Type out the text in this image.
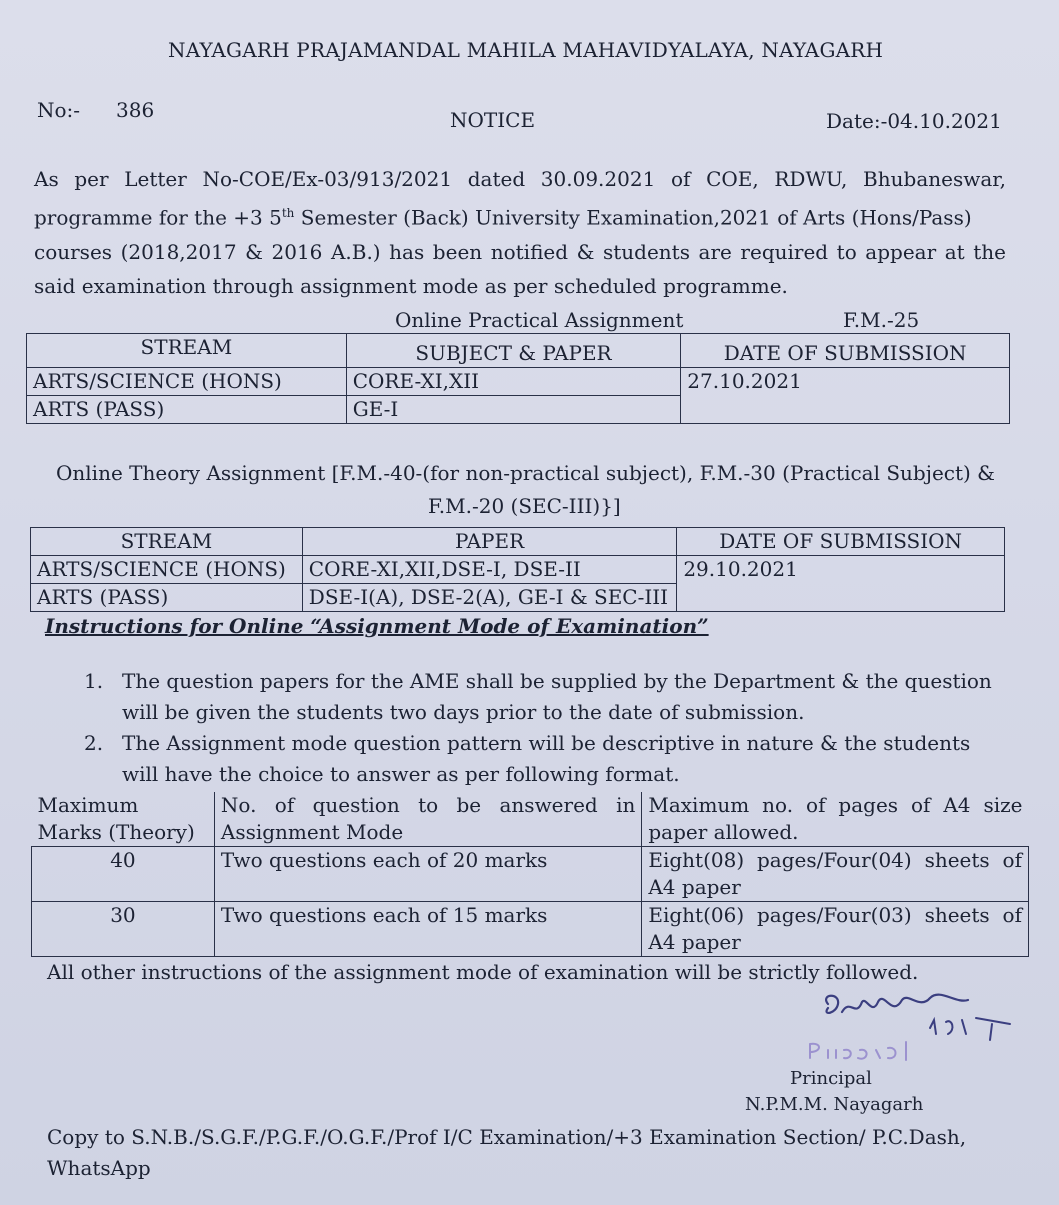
NAYAGARH PRAJAMANDAL MAHILA MAHAVIDYALAYA, NAYAGARH
No:- 386	NOTICE	Date:-04.10.2021
As per Letter No-COE/Ex-03/913/2021 dated 30.09.2021 of COE, RDWU, Bhubaneswar,
programme for the +3 5th Semester (Back) University Examination,2021 of Arts (Hons/Pass)
courses (2018,2017 & 2016 A.B.) has been notified & students are required to appear at the
said examination through assignment mode as per scheduled programme.
Online Practical Assignment	F.M.-25
STREAM	SUBJECT & PAPER	DATE OF SUBMISSION
ARTS/SCIENCE (HONS)	CORE-XI,XII	27.10.2021
ARTS (PASS)	GE-I	
Online Theory Assignment [F.M.-40-(for non-practical subject), F.M.-30 (Practical Subject) &
F.M.-20 (SEC-III)}]
STREAM	PAPER	DATE OF SUBMISSION
ARTS/SCIENCE (HONS)	CORE-XI,XII,DSE-I, DSE-II	29.10.2021
ARTS (PASS)	DSE-I(A), DSE-2(A), GE-I & SEC-III	
Instructions for Online “Assignment Mode of Examination”
1. The question papers for the AME shall be supplied by the Department & the question will be given the students two days prior to the date of submission.
2. The Assignment mode question pattern will be descriptive in nature & the students will have the choice to answer as per following format.
Maximum Marks (Theory)	No. of question to be answered in Assignment Mode	Maximum no. of pages of A4 size paper allowed.
40	Two questions each of 20 marks	Eight(08) pages/Four(04) sheets of A4 paper
30	Two questions each of 15 marks	Eight(06) pages/Four(03) sheets of A4 paper
All other instructions of the assignment mode of examination will be strictly followed.
Principal
N.P.M.M. Nayagarh
Copy to S.N.B./S.G.F./P.G.F./O.G.F./Prof I/C Examination/+3 Examination Section/ P.C.Dash,
WhatsApp
